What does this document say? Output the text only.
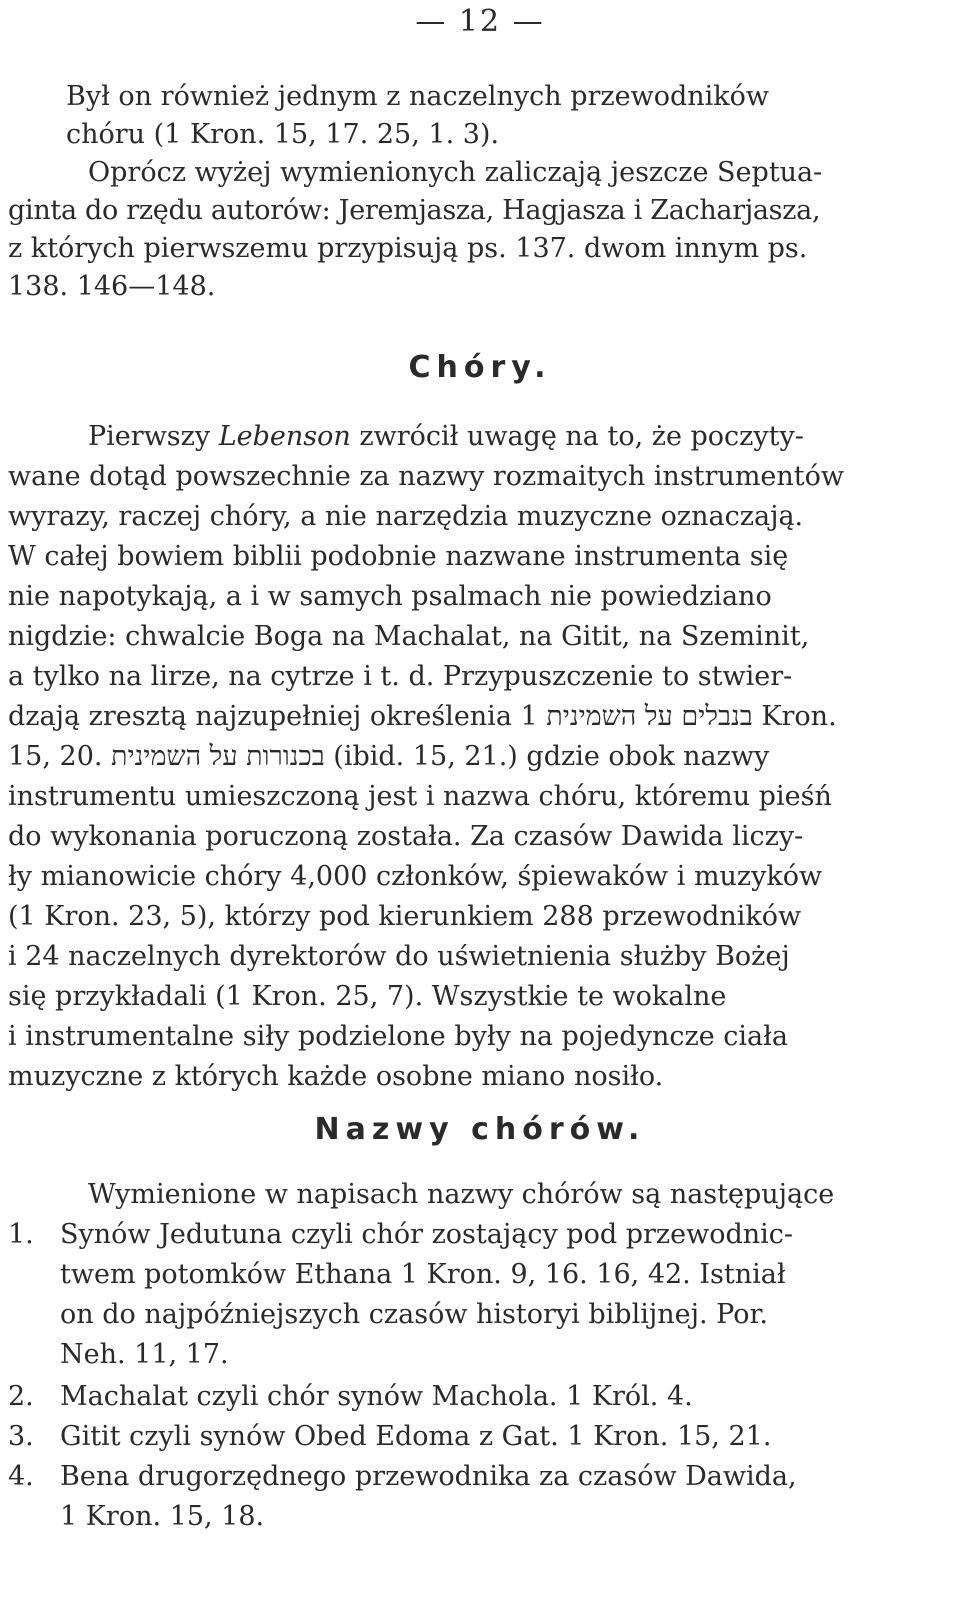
— 12 —
Był on również jednym z naczelnych przewodników
chóru (1 Kron. 15, 17. 25, 1. 3).
Oprócz wyżej wymienionych zaliczają jeszcze Septua-
ginta do rzędu autorów: Jeremjasza, Hagjasza i Zacharjasza,
z których pierwszemu przypisują ps. 137. dwom innym ps.
138. 146—148.
Chóry.
Pierwszy Lebenson zwrócił uwagę na to, że poczyty-
wane dotąd powszechnie za nazwy rozmaitych instrumentów
wyrazy, raczej chóry, a nie narzędzia muzyczne oznaczają.
W całej bowiem biblii podobnie nazwane instrumenta się
nie napotykają, a i w samych psalmach nie powiedziano
nigdzie: chwalcie Boga na Machalat, na Gitit, na Szeminit,
a tylko na lirze, na cytrze i t. d. Przypuszczenie to stwier-
dzają zresztą najzupełniej określenia בנבלים על השמינית 1 Kron.
15, 20. בכנורות על השמינית (ibid. 15, 21.) gdzie obok nazwy
instrumentu umieszczoną jest i nazwa chóru, któremu pieśń
do wykonania poruczoną została. Za czasów Dawida liczy-
ły mianowicie chóry 4,000 członków, śpiewaków i muzyków
(1 Kron. 23, 5), którzy pod kierunkiem 288 przewodników
i 24 naczelnych dyrektorów do uświetnienia służby Bożej
się przykładali (1 Kron. 25, 7). Wszystkie te wokalne
i instrumentalne siły podzielone były na pojedyncze ciała
muzyczne z których każde osobne miano nosiło.
Nazwy chórów.
Wymienione w napisach nazwy chórów są następujące
1. Synów Jedutuna czyli chór zostający pod przewodnic-
twem potomków Ethana 1 Kron. 9, 16. 16, 42. Istniał
on do najpóźniejszych czasów historyi biblijnej. Por.
Neh. 11, 17.
2. Machalat czyli chór synów Machola. 1 Król. 4.
3. Gitit czyli synów Obed Edoma z Gat. 1 Kron. 15, 21.
4. Bena drugorzędnego przewodnika za czasów Dawida,
1 Kron. 15, 18.
